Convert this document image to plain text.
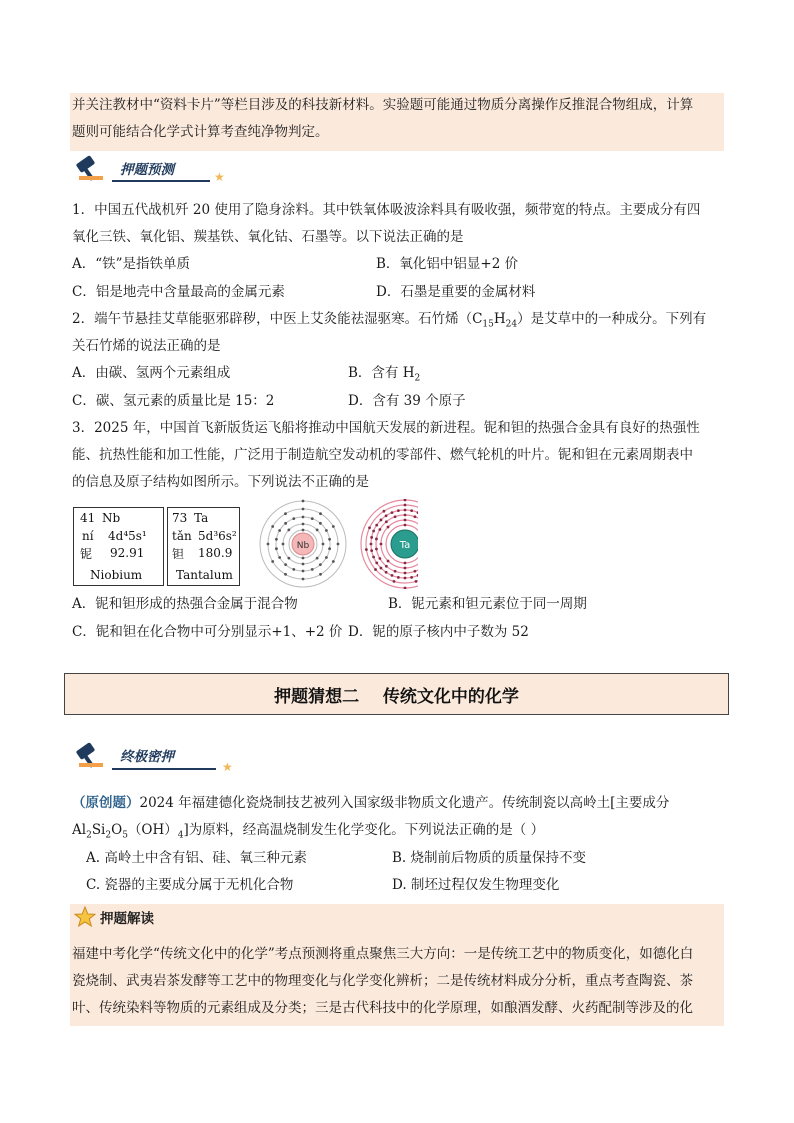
并关注教材中“资料卡片”等栏目涉及的科技新材料。实验题可能通过物质分离操作反推混合物组成，计算
题则可能结合化学式计算考查纯净物判定。
押题预测	★
1．中国五代战机歼 20 使用了隐身涂料。其中铁氧体吸波涂料具有吸收强，频带宽的特点。主要成分有四
氧化三铁、氧化铝、羰基铁、氧化钴、石墨等。以下说法正确的是
A．“铁”是指铁单质	B．氧化铝中铝显+2 价
C．铝是地壳中含量最高的金属元素	D．石墨是重要的金属材料
2．端午节悬挂艾草能驱邪辟秽，中医上艾灸能祛湿驱寒。石竹烯$(C_{15}H_{24})$是艾草中的一种成分。下列有
关石竹烯的说法正确的是
A．由碳、氢两个元素组成	B．含有 $H_2$
C．碳、氢元素的质量比是 15：2	D．含有 39 个原子
3．2025 年，中国首飞新版货运飞船将推动中国航天发展的新进程。铌和钽的热强合金具有良好的热强性
能、抗热性能和加工性能，广泛用于制造航空发动机的零部件、燃气轮机的叶片。铌和钽在元素周期表中
的信息及原子结构如图所示。下列说法不正确的是
41 Nb
ní 4d⁴5s¹
铌 92.91
Niobium
73 Ta
tǎn 5d³6s²
钽 180.9
Tantalum
Nb	Ta
A．铌和钽形成的热强合金属于混合物	B．铌元素和钽元素位于同一周期
C．铌和钽在化合物中可分别显示+1、+2 价 D．铌的原子核内中子数为 52
押题猜想二    传统文化中的化学
终极密押
★
（原创题）2024 年福建德化瓷烧制技艺被列入国家级非物质文化遗产。传统制瓷以高岭土[主要成分
$Al_2Si_2O_5(OH)_4$]为原料，经高温烧制发生化学变化。下列说法正确的是（ ）
A. 高岭土中含有铝、硅、氧三种元素	B. 烧制前后物质的质量保持不变
C. 瓷器的主要成分属于无机化合物	D. 制坯过程仅发生物理变化
押题解读
福建中考化学“传统文化中的化学”考点预测将重点聚焦三大方向：一是传统工艺中的物质变化，如德化白
瓷烧制、武夷岩茶发酵等工艺中的物理变化与化学变化辨析；二是传统材料成分分析，重点考查陶瓷、茶
叶、传统染料等物质的元素组成及分类；三是古代科技中的化学原理，如酿酒发酵、火药配制等涉及的化
